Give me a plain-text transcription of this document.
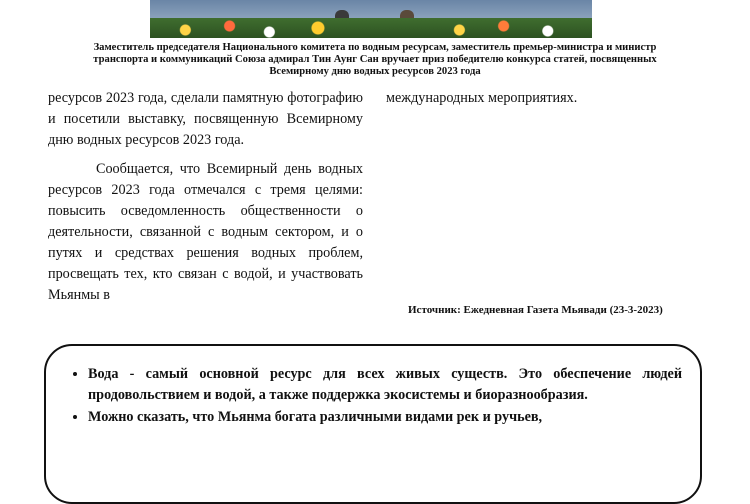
Заместитель председателя Национального комитета по водным ресурсам, заместитель премьер-министра и министр транспорта и коммуникаций Союза адмирал Тин Аунг Сан вручает приз победителю конкурса статей, посвященных Всемирному дню водных ресурсов 2023 года

ресурсов 2023 года, сделали памятную фотографию и посетили выставку, посвященную Всемирному дню водных ресурсов 2023 года.

Сообщается, что Всемирный день водных ресурсов 2023 года отмечался с тремя целями: повысить осведомленность общественности о деятельности, связанной с водным сектором, и о путях и средствах решения водных проблем, просвещать тех, кто связан с водой, и участвовать Мьянмы в

международных мероприятиях.

Источник: Ежедневная Газета Мьявади (23-3-2023)
• Вода - самый основной ресурс для всех живых существ. Это обеспечение людей продовольствием и водой, а также поддержка экосистемы и биоразнообразия.
• Можно сказать, что Мьянма богата различными видами рек и ручьев,
